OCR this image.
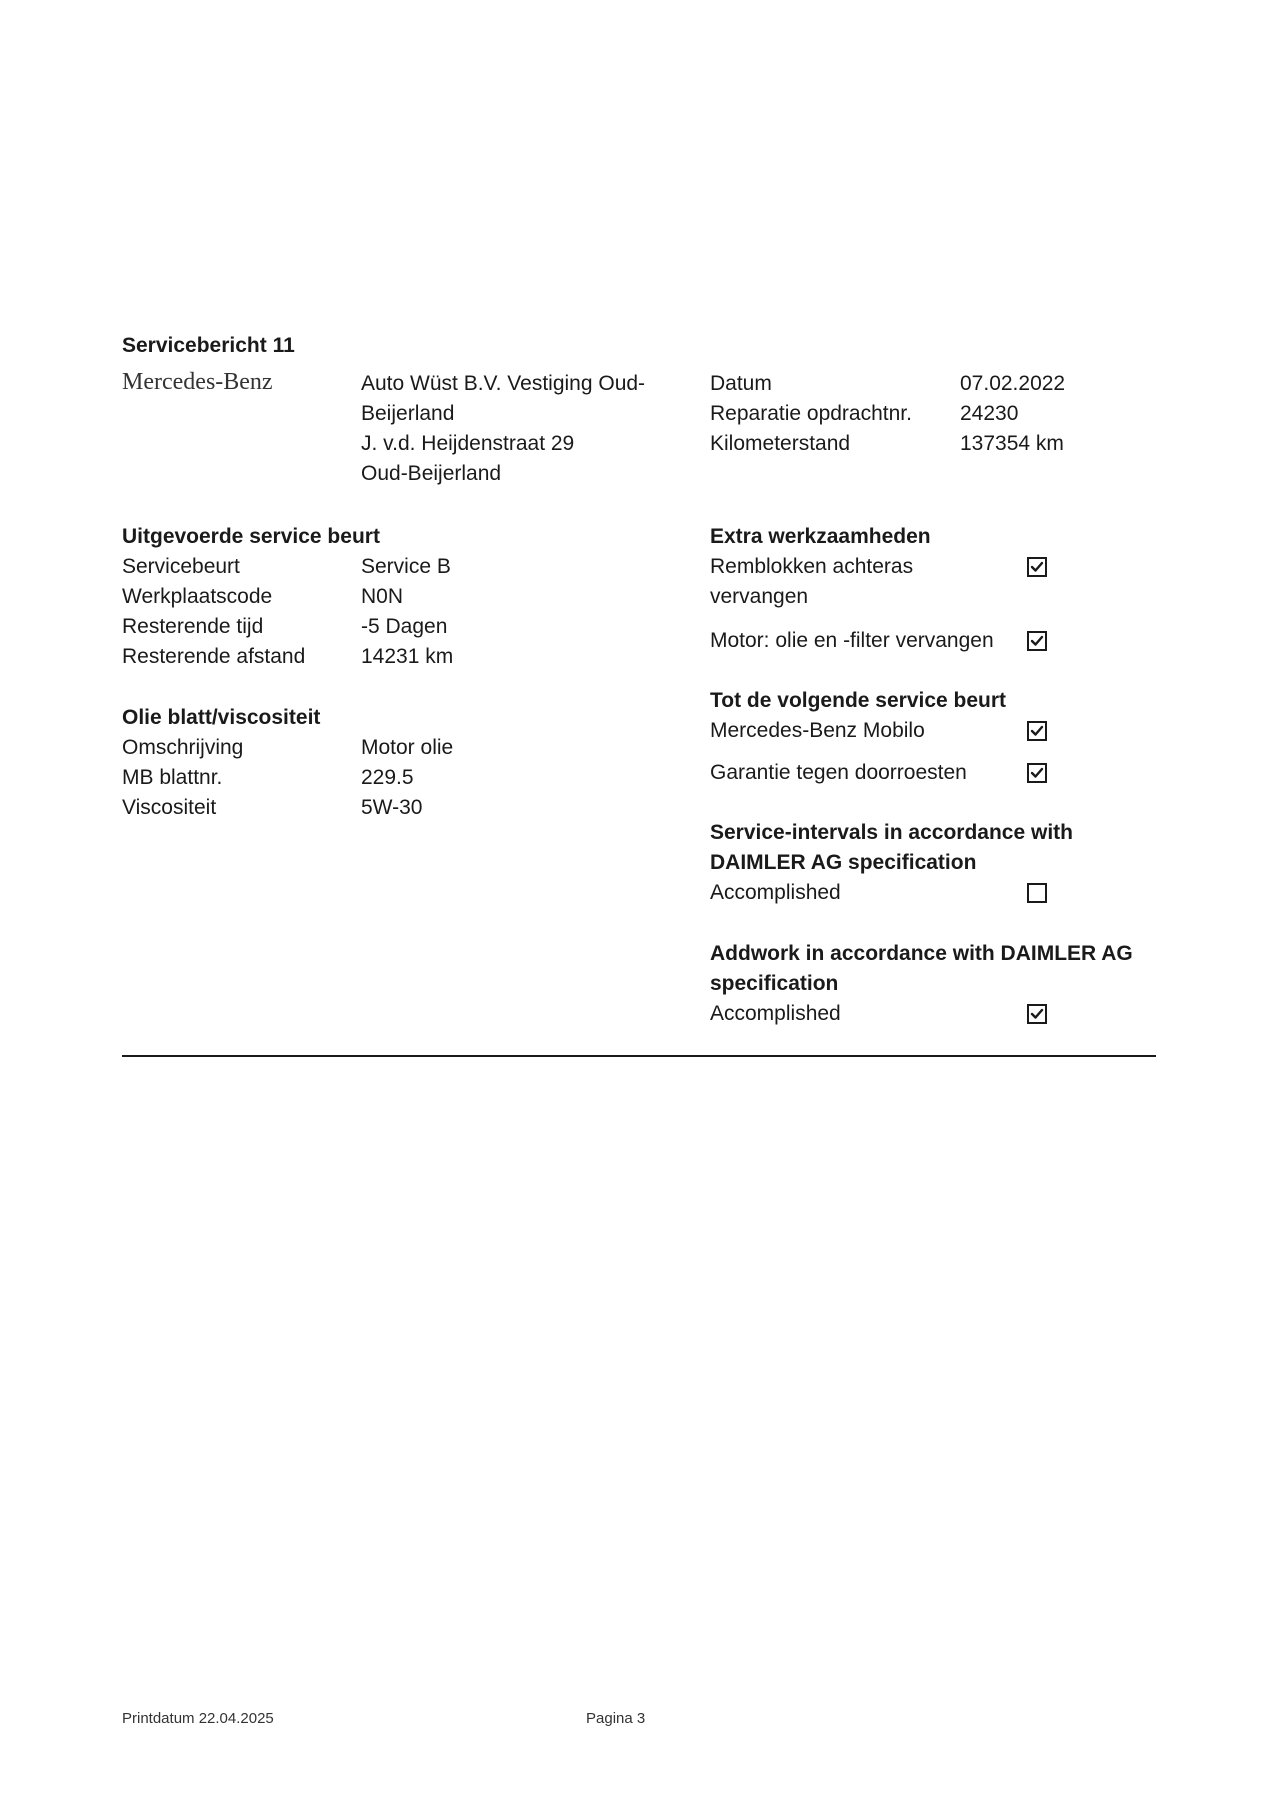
Servicebericht 11
Mercedes-Benz	Auto Wüst B.V. Vestiging Oud-
Beijerland
J. v.d. Heijdenstraat 29
Oud-Beijerland
Datum	07.02.2022
Reparatie opdrachtnr.	24230
Kilometerstand	137354 km
Uitgevoerde service beurt
Servicebeurt	Service B
Werkplaatscode	N0N
Resterende tijd	-5 Dagen
Resterende afstand	14231 km
Olie blatt/viscositeit
Omschrijving	Motor olie
MB blattnr.	229.5
Viscositeit	5W-30
Extra werkzaamheden
Remblokken achteras
vervangen
Motor: olie en -filter vervangen
Tot de volgende service beurt
Mercedes-Benz Mobilo
Garantie tegen doorroesten
Service-intervals in accordance with
DAIMLER AG specification
Accomplished
Addwork in accordance with DAIMLER AG
specification
Accomplished
Printdatum 22.04.2025	Pagina 3
